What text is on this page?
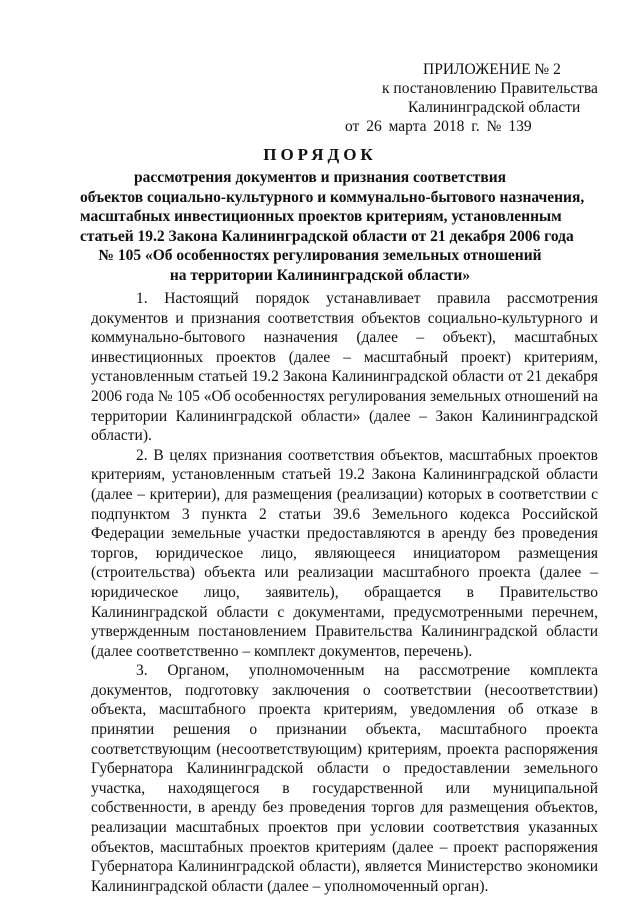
ПРИЛОЖЕНИЕ № 2
к постановлению Правительства
Калининградской области
от 26 марта 2018 г. № 139
ПОРЯДОК
рассмотрения документов и признания соответствия
объектов социально-культурного и коммунально-бытового назначения,
масштабных инвестиционных проектов критериям, установленным
статьей 19.2 Закона Калининградской области от 21 декабря 2006 года
№ 105 «Об особенностях регулирования земельных отношений
на территории Калининградской области»

1. Настоящий порядок устанавливает правила рассмотрения документов и признания соответствия объектов социально-культурного и коммунально-бытового назначения (далее – объект), масштабных инвестиционных проектов (далее – масштабный проект) критериям, установленным статьей 19.2 Закона Калининградской области от 21 декабря 2006 года № 105 «Об особенностях регулирования земельных отношений на территории Калининградской области» (далее – Закон Калининградской области).

2. В целях признания соответствия объектов, масштабных проектов критериям, установленным статьей 19.2 Закона Калининградской области (далее – критерии), для размещения (реализации) которых в соответствии с подпунктом 3 пункта 2 статьи 39.6 Земельного кодекса Российской Федерации земельные участки предоставляются в аренду без проведения торгов, юридическое лицо, являющееся инициатором размещения (строительства) объекта или реализации масштабного проекта (далее – юридическое лицо, заявитель), обращается в Правительство Калининградской области с документами, предусмотренными перечнем, утвержденным постановлением Правительства Калининградской области (далее соответственно – комплект документов, перечень).

3. Органом, уполномоченным на рассмотрение комплекта документов, подготовку заключения о соответствии (несоответствии) объекта, масштабного проекта критериям, уведомления об отказе в принятии решения о признании объекта, масштабного проекта соответствующим (несоответствующим) критериям, проекта распоряжения Губернатора Калининградской области о предоставлении земельного участка, находящегося в государственной или муниципальной собственности, в аренду без проведения торгов для размещения объектов, реализации масштабных проектов при условии соответствия указанных объектов, масштабных проектов критериям (далее – проект распоряжения Губернатора Калининградской области), является Министерство экономики Калининградской области (далее – уполномоченный орган).
